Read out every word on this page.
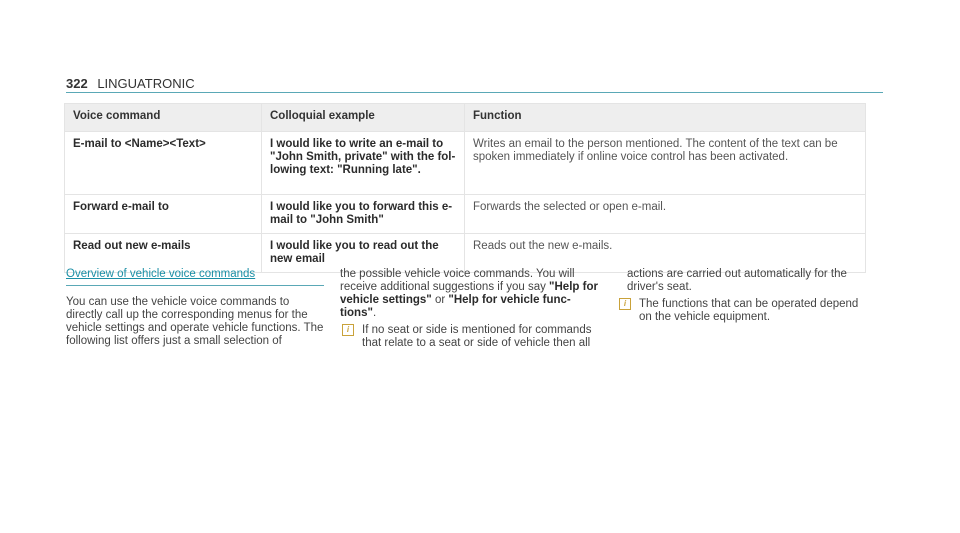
322 LINGUATRONIC
Voice command	Colloquial example	Function
E-mail to <Name><Text>	I would like to write an e-mail to "John Smith, private" with the fol-lowing text: "Running late".	Writes an email to the person mentioned. The content of the text can be spoken immediately if online voice control has been activated.
Forward e-mail to	I would like you to forward this e-mail to "John Smith"	Forwards the selected or open e-mail.
Read out new e-mails	I would like you to read out the new email	Reads out the new e-mails.
Overview of vehicle voice commands

You can use the vehicle voice commands to directly call up the corresponding menus for the vehicle settings and operate vehicle functions. The following list offers just a small selection of

the possible vehicle voice commands. You will receive additional suggestions if you say "Help for vehicle settings" or "Help for vehicle func-tions".

i	If no seat or side is mentioned for commands that relate to a seat or side of vehicle then all

actions are carried out automatically for the driver's seat.

i	The functions that can be operated depend on the vehicle equipment.
